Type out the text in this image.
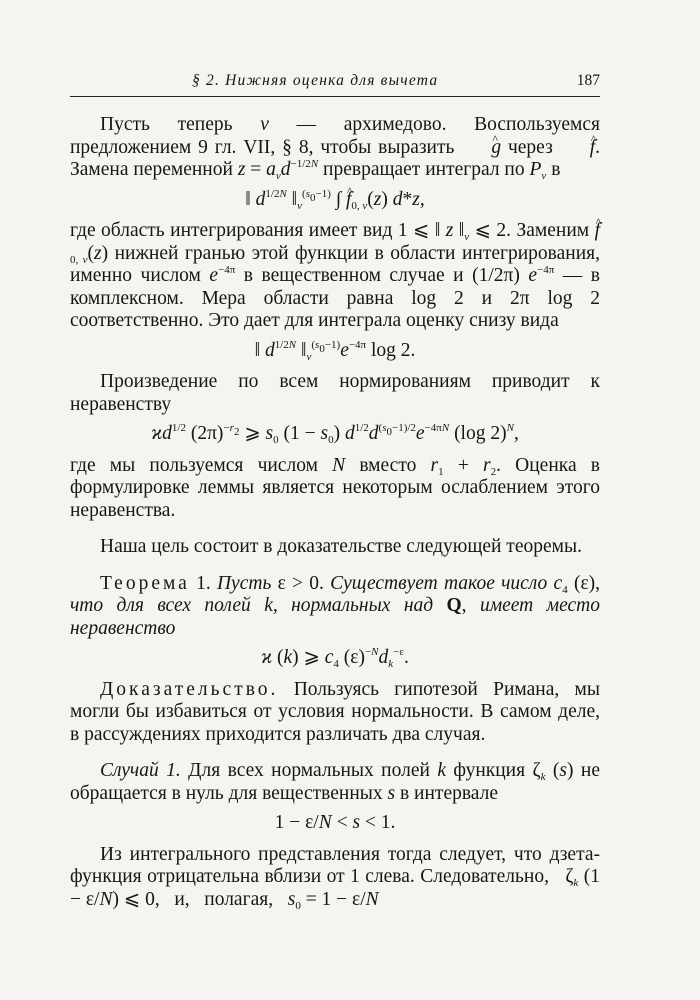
§ 2. Нижняя оценка для вычета	187

Пусть теперь v — архимедово. Воспользуемся предложением 9 гл. VII, § 8, чтобы выразить ^ g через ^ f. Замена переменной $z = a_vd^{-1/2N}$ превращает интеграл по $P_v$ в

‖ $d^{1/2N}$ $‖_v^{(s_0-1)}$ ∫ ^ $f_{0, v}(z)$ d*z,

где область интегрирования имеет вид 1 ⩽ ‖ z $‖_v$ ⩽ 2. Заменим ^ $f_{0, v}(z)$ нижней гранью этой функции в области интегрирования, именно числом $e^{-4\pi}$ в вещественном случае и (1/2π) $e^{-4\pi}$ — в комплексном. Мера области равна log 2 и 2π log 2 соответственно. Это дает для интеграла оценку снизу вида

‖ $d^{1/2N}$ $‖_v^{(s_0-1)}e^{-4\pi}$ log 2.

Произведение по всем нормированиям приводит к неравенству

$ϰd^{1/2}$ $(2\pi)^{-r_2}$ ⩾ $s_0$ $(1 - s_0)$ $d^{1/2}d^{(s_0-1)/2}e^{-4\pi N}$ (log 2)$^N$,

где мы пользуемся числом N вместо $r_1 + r_2$. Оценка в формулировке леммы является некоторым ослаблением этого неравенства.

Наша цель состоит в доказательстве следующей теоремы.

Теорема 1. Пусть ε > 0. Существует такое число $c_4$ (ε), что для всех полей k, нормальных над Q, имеет место неравенство

ϰ (k) ⩾ $c_4$ $(\varepsilon)^{-N}d_k^{-\varepsilon}$.

Доказательство. Пользуясь гипотезой Римана, мы могли бы избавиться от условия нормальности. В самом деле, в рассуждениях приходится различать два случая.

Случай 1. Для всех нормальных полей k функция $\zeta_k$ (s) не обращается в нуль для вещественных s в интервале

1 − ε/N < s < 1.

Из интегрального представления тогда следует, что дзета-функция отрицательна вблизи от 1 слева. Следовательно,   $\zeta_k$ (1 − ε/N) ⩽ 0,   и,   полагая,   $s_0 = 1 - \varepsilon/N$
